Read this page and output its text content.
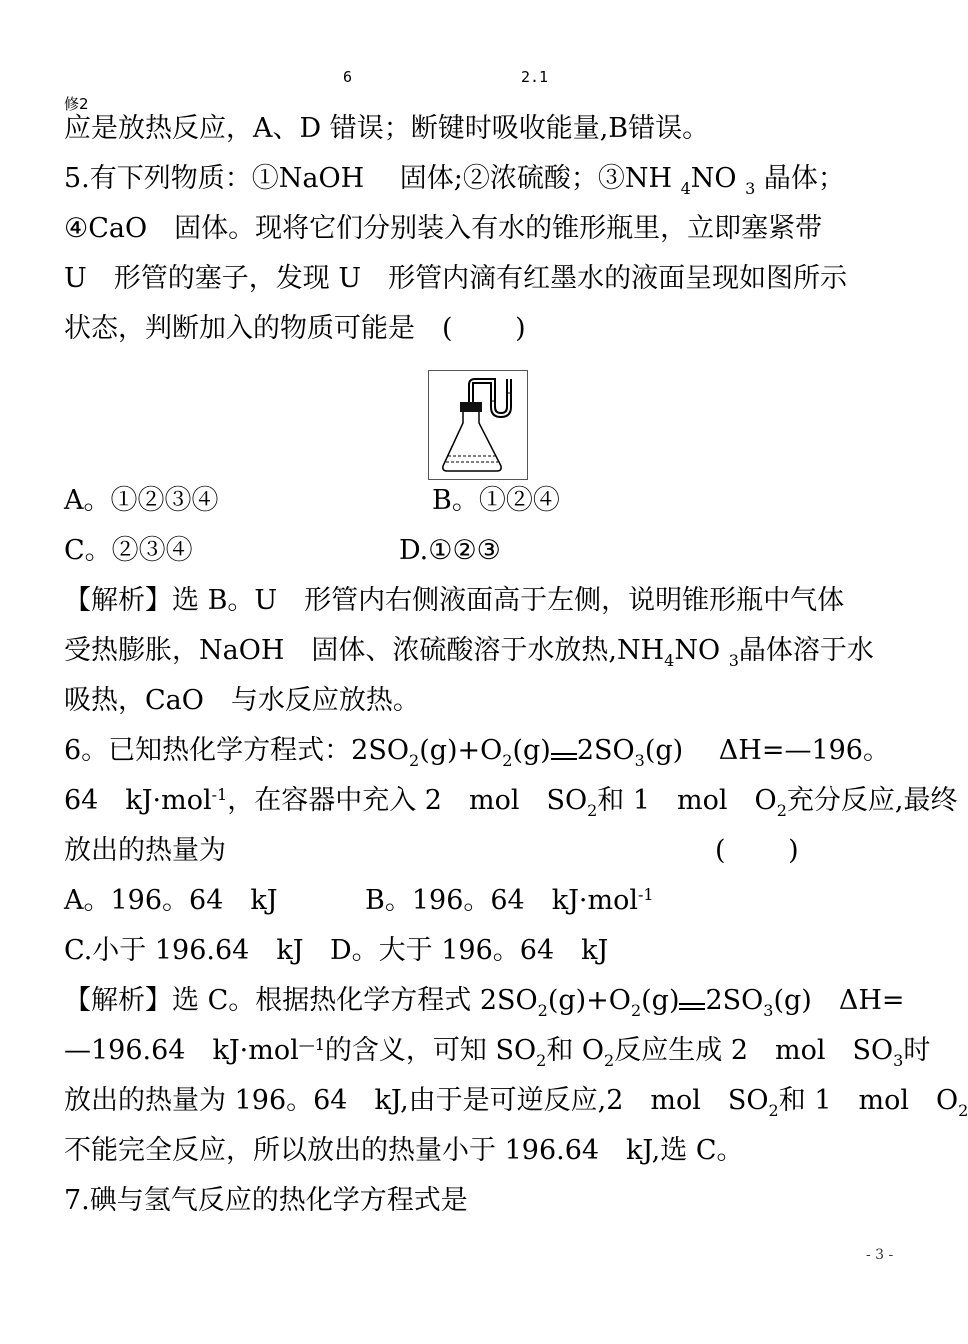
6	2.1
修2
应是放热反应，A、D 错误；断键时吸收能量,B错误。
5.有下列物质：①NaOH　 固体;②浓硫酸；③NH $_4$NO $_3$ 晶体；
④CaO　固体。现将它们分别装入有水的锥形瓶里，立即塞紧带
U　形管的塞子，发现 U　形管内滴有红墨水的液面呈现如图所示
状态，判断加入的物质可能是　(　　 )
A。①②③④	B。①②④
C。②③④	D.①②③
【解析】选 B。U　形管内右侧液面高于左侧，说明锥形瓶中气体
受热膨胀，NaOH　固体、浓硫酸溶于水放热$,NH_4NO$ $_3$晶体溶于水
吸热，CaO　与水反应放热。
6。已知热化学方程式：$2SO_2(g)+O_2(g)$ $2SO_3(g)$　 ΔH=—196。
64　kJ·mol$^{-1}$，在容器中充入 2　mol　$SO_2$和 1　mol　$O_2$充分反应,最终
放出的热量为	(　　 )
A。196。64　kJ	B。196。64　kJ·mol$^{-1}$
C.小于 196.64　kJ D。大于 196。64　kJ
【解析】选 C。根据热化学方程式 $2SO_2(g)+O_2(g)$ $2SO_3(g)$　ΔH=
—196.64　kJ·mol$^{—1}$的含义，可知 $SO_2$和 $O_2$反应生成 2　mol　$SO_3$时
放出的热量为 196。64　kJ,由于是可逆反应,2　mol　$SO_2$和 1　mol　$O_2$
不能完全反应，所以放出的热量小于 196.64　kJ,选 C。
7.碘与氢气反应的热化学方程式是
- 3 -
